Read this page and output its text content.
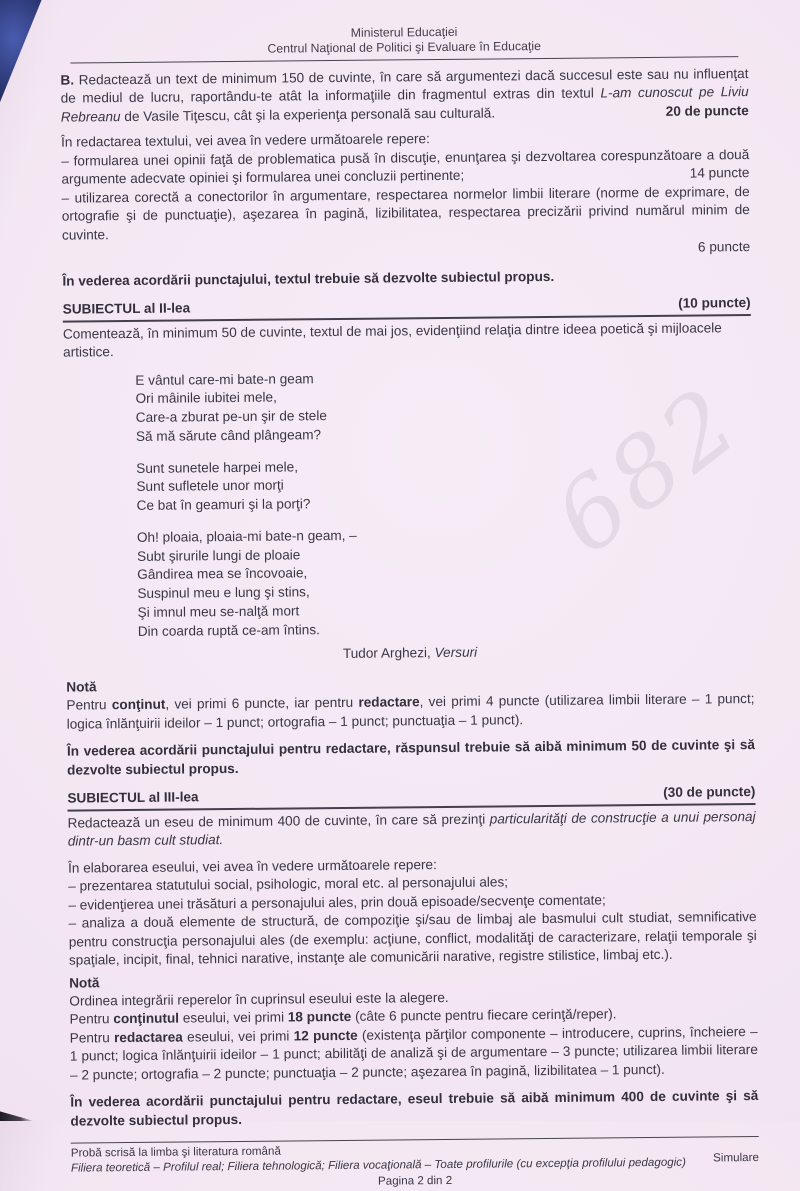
682
Ministerul Educaţiei
Centrul Naţional de Politici şi Evaluare în Educaţie
B. Redactează un text de minimum 150 de cuvinte, în care să argumentezi dacă succesul este sau nu influenţat de mediul de lucru, raportându-te atât la informaţiile din fragmentul extras din textul L-am cunoscut pe Liviu Rebreanu de Vasile Tiţescu, cât şi la experienţa personală sau culturală.	20 de puncte

În redactarea textului, vei avea în vedere următoarele repere:

– formularea unei opinii faţă de problematica pusă în discuţie, enunţarea şi dezvoltarea corespunzătoare a două argumente adecvate opiniei şi formularea unei concluzii pertinente;	14 puncte

– utilizarea corectă a conectorilor în argumentare, respectarea normelor limbii literare (norme de exprimare, de ortografie şi de punctuaţie), aşezarea în pagină, lizibilitatea, respectarea precizării privind numărul minim de cuvinte.

6 puncte

În vederea acordării punctajului, textul trebuie să dezvolte subiectul propus.

SUBIECTUL al II-lea	(10 puncte)

Comentează, în minimum 50 de cuvinte, textul de mai jos, evidenţiind relaţia dintre ideea poetică şi mijloacele artistice.

E vântul care-mi bate-n geam
Ori mâinile iubitei mele,
Care-a zburat pe-un şir de stele
Să mă sărute când plângeam?
Sunt sunetele harpei mele,
Sunt sufletele unor morţi
Ce bat în geamuri şi la porţi?
Oh! ploaia, ploaia-mi bate-n geam, –
Subt şirurile lungi de ploaie
Gândirea mea se încovoaie,
Suspinul meu e lung şi stins,
Şi imnul meu se-nalţă mort
Din coarda ruptă ce-am întins.

Tudor Arghezi, Versuri

Notă

Pentru conţinut, vei primi 6 puncte, iar pentru redactare, vei primi 4 puncte (utilizarea limbii literare – 1 punct; logica înlănţuirii ideilor – 1 punct; ortografia – 1 punct; punctuaţia – 1 punct).

În vederea acordării punctajului pentru redactare, răspunsul trebuie să aibă minimum 50 de cuvinte şi să dezvolte subiectul propus.

SUBIECTUL al III-lea	(30 de puncte)

Redactează un eseu de minimum 400 de cuvinte, în care să prezinţi particularităţi de construcţie a unui personaj dintr-un basm cult studiat.

În elaborarea eseului, vei avea în vedere următoarele repere:

– prezentarea statutului social, psihologic, moral etc. al personajului ales;

– evidenţierea unei trăsături a personajului ales, prin două episoade/secvenţe comentate;

– analiza a două elemente de structură, de compoziţie şi/sau de limbaj ale basmului cult studiat, semnificative pentru construcţia personajului ales (de exemplu: acţiune, conflict, modalităţi de caracterizare, relaţii temporale şi spaţiale, incipit, final, tehnici narative, instanţe ale comunicării narative, registre stilistice, limbaj etc.).

Notă

Ordinea integrării reperelor în cuprinsul eseului este la alegere.

Pentru conţinutul eseului, vei primi 18 puncte (câte 6 puncte pentru fiecare cerinţă/reper).

Pentru redactarea eseului, vei primi 12 puncte (existenţa părţilor componente – introducere, cuprins, încheiere – 1 punct; logica înlănţuirii ideilor – 1 punct; abilităţi de analiză şi de argumentare – 3 puncte; utilizarea limbii literare – 2 puncte; ortografia – 2 puncte; punctuaţia – 2 puncte; aşezarea în pagină, lizibilitatea – 1 punct).

În vederea acordării punctajului pentru redactare, eseul trebuie să aibă minimum 400 de cuvinte şi să dezvolte subiectul propus.

Probă scrisă la limba şi literatura română	Simulare
Filiera teoretică – Profilul real; Filiera tehnologică; Filiera vocaţională – Toate profilurile (cu excepţia profilului pedagogic)
Pagina 2 din 2
